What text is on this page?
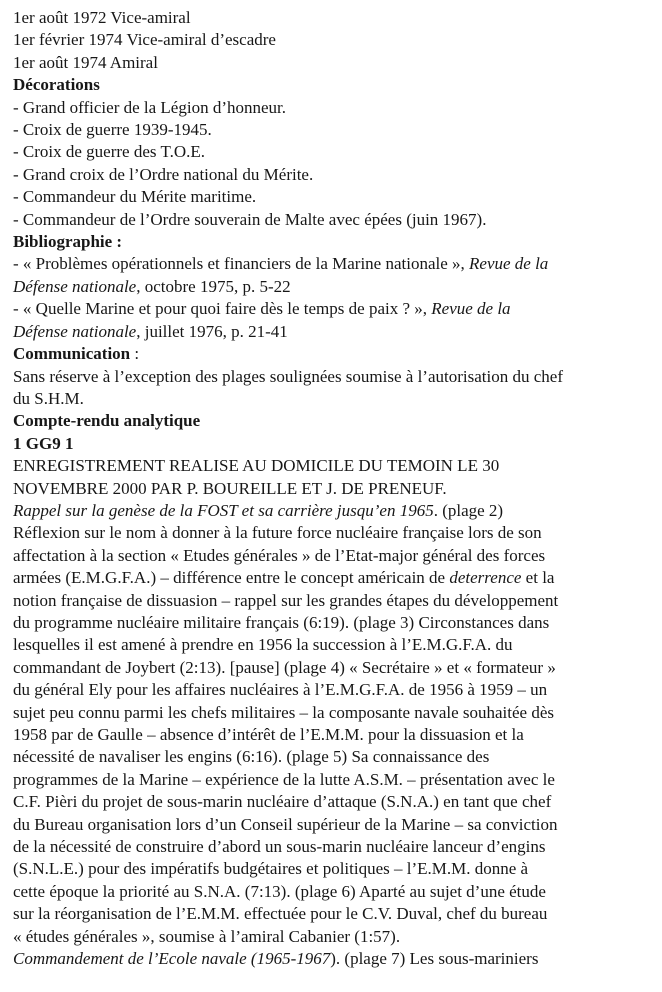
1er août 1972 Vice-amiral
1er février 1974 Vice-amiral d’escadre
1er août 1974 Amiral
Décorations
- Grand officier de la Légion d’honneur.
- Croix de guerre 1939-1945.
- Croix de guerre des T.O.E.
- Grand croix de l’Ordre national du Mérite.
- Commandeur du Mérite maritime.
- Commandeur de l’Ordre souverain de Malte avec épées (juin 1967).
Bibliographie :
- « Problèmes opérationnels et financiers de la Marine nationale », Revue de la
Défense nationale, octobre 1975, p. 5-22
- « Quelle Marine et pour quoi faire dès le temps de paix ? », Revue de la
Défense nationale, juillet 1976, p. 21-41
Communication :
Sans réserve à l’exception des plages soulignées soumise à l’autorisation du chef
du S.H.M.
Compte-rendu analytique
1 GG9 1
ENREGISTREMENT REALISE AU DOMICILE DU TEMOIN LE 30
NOVEMBRE 2000 PAR P. BOUREILLE ET J. DE PRENEUF.
Rappel sur la genèse de la FOST et sa carrière jusqu’en 1965. (plage 2)
Réflexion sur le nom à donner à la future force nucléaire française lors de son
affectation à la section « Etudes générales » de l’Etat-major général des forces
armées (E.M.G.F.A.) – différence entre le concept américain de deterrence et la
notion française de dissuasion – rappel sur les grandes étapes du développement
du programme nucléaire militaire français (6:19). (plage 3) Circonstances dans
lesquelles il est amené à prendre en 1956 la succession à l’E.M.G.F.A. du
commandant de Joybert (2:13). [pause] (plage 4) « Secrétaire » et « formateur »
du général Ely pour les affaires nucléaires à l’E.M.G.F.A. de 1956 à 1959 – un
sujet peu connu parmi les chefs militaires – la composante navale souhaitée dès
1958 par de Gaulle – absence d’intérêt de l’E.M.M. pour la dissuasion et la
nécessité de navaliser les engins (6:16). (plage 5) Sa connaissance des
programmes de la Marine – expérience de la lutte A.S.M. – présentation avec le
C.F. Pièri du projet de sous-marin nucléaire d’attaque (S.N.A.) en tant que chef
du Bureau organisation lors d’un Conseil supérieur de la Marine – sa conviction
de la nécessité de construire d’abord un sous-marin nucléaire lanceur d’engins
(S.N.L.E.) pour des impératifs budgétaires et politiques – l’E.M.M. donne à
cette époque la priorité au S.N.A. (7:13). (plage 6) Aparté au sujet d’une étude
sur la réorganisation de l’E.M.M. effectuée pour le C.V. Duval, chef du bureau
« études générales », soumise à l’amiral Cabanier (1:57).
Commandement de l’Ecole navale (1965-1967). (plage 7) Les sous-mariniers
